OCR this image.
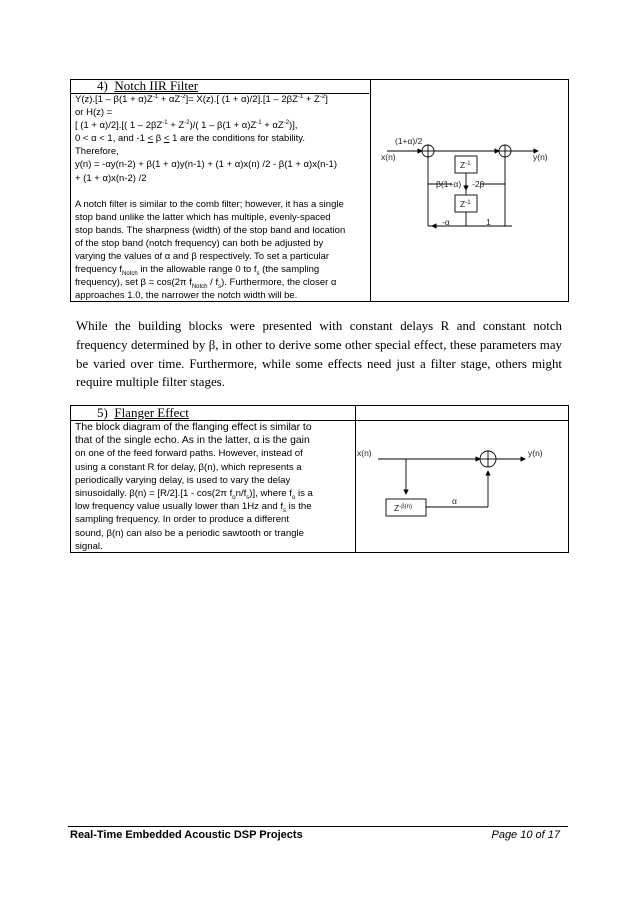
4) Notch IIR Filter

$Y(z).[1 - \beta(1 + \alpha)Z^{-1} + \alpha Z^{-2}]= X(z)$.[ $(1 + \alpha)/2].[1 - 2\beta Z^{-1} + Z^{-2}]$

or H(z) =

[ (1 + α)/2].[( $1 - 2\beta Z^{-1} + Z^{-2})/$( $1 - \beta(1 + \alpha)Z^{-1} + \alpha Z^{-2}$)],

0 < α < 1, and -1 < β < 1 are the conditions for stability.

Therefore,

y(n) = -αy(n-2) + β(1 + α)y(n-1) + (1 + α)x(n) /2 - β(1 + α)x(n-1)

+ (1 + α)x(n-2) /2

A notch filter is similar to the comb filter; however, it has a single

stop band unlike the latter which has multiple, evenly-spaced

stop bands. The sharpness (width) of the stop band and location

of the stop band (notch frequency) can both be adjusted by

varying the values of α and β respectively. To set a particular

frequency $f_{Notch}$ in the allowable range 0 to $f_s$ (the sampling

frequency), set β = cos(2π $f_{Notch} / f_s$). Furthermore, the closer α

approaches 1.0, the narrower the notch width will be.

(1+α)/2
x(n)	y(n)
$Z^{-1}$
$Z^{-1}$
β(1+α) -2β
-α	1
While the building blocks were presented with constant delays R and constant notch frequency determined by β, in other to derive some other special effect, these parameters may be varied over time. Furthermore, while some effects need just a filter stage, others might require multiple filter stages.
5) Flanger Effect

The block diagram of the flanging effect is similar to

that of the single echo. As in the latter, α is the gain

on one of the feed forward paths. However, instead of

using a constant R for delay, β(n), which represents a

periodically varying delay, is used to vary the delay

sinusoidally. β(n) = [R/2].[1 - cos(2π $f_on/f_s$)], where $f_o$ is a

low frequency value usually lower than 1Hz and $f_s$ is the

sampling frequency. In order to produce a different

sound, β(n) can also be a periodic sawtooth or trangle

signal.

x(n)	y(n)
$Z^{-\beta(n)}$
α
Real-Time Embedded Acoustic DSP Projects	Page 10 of 17
